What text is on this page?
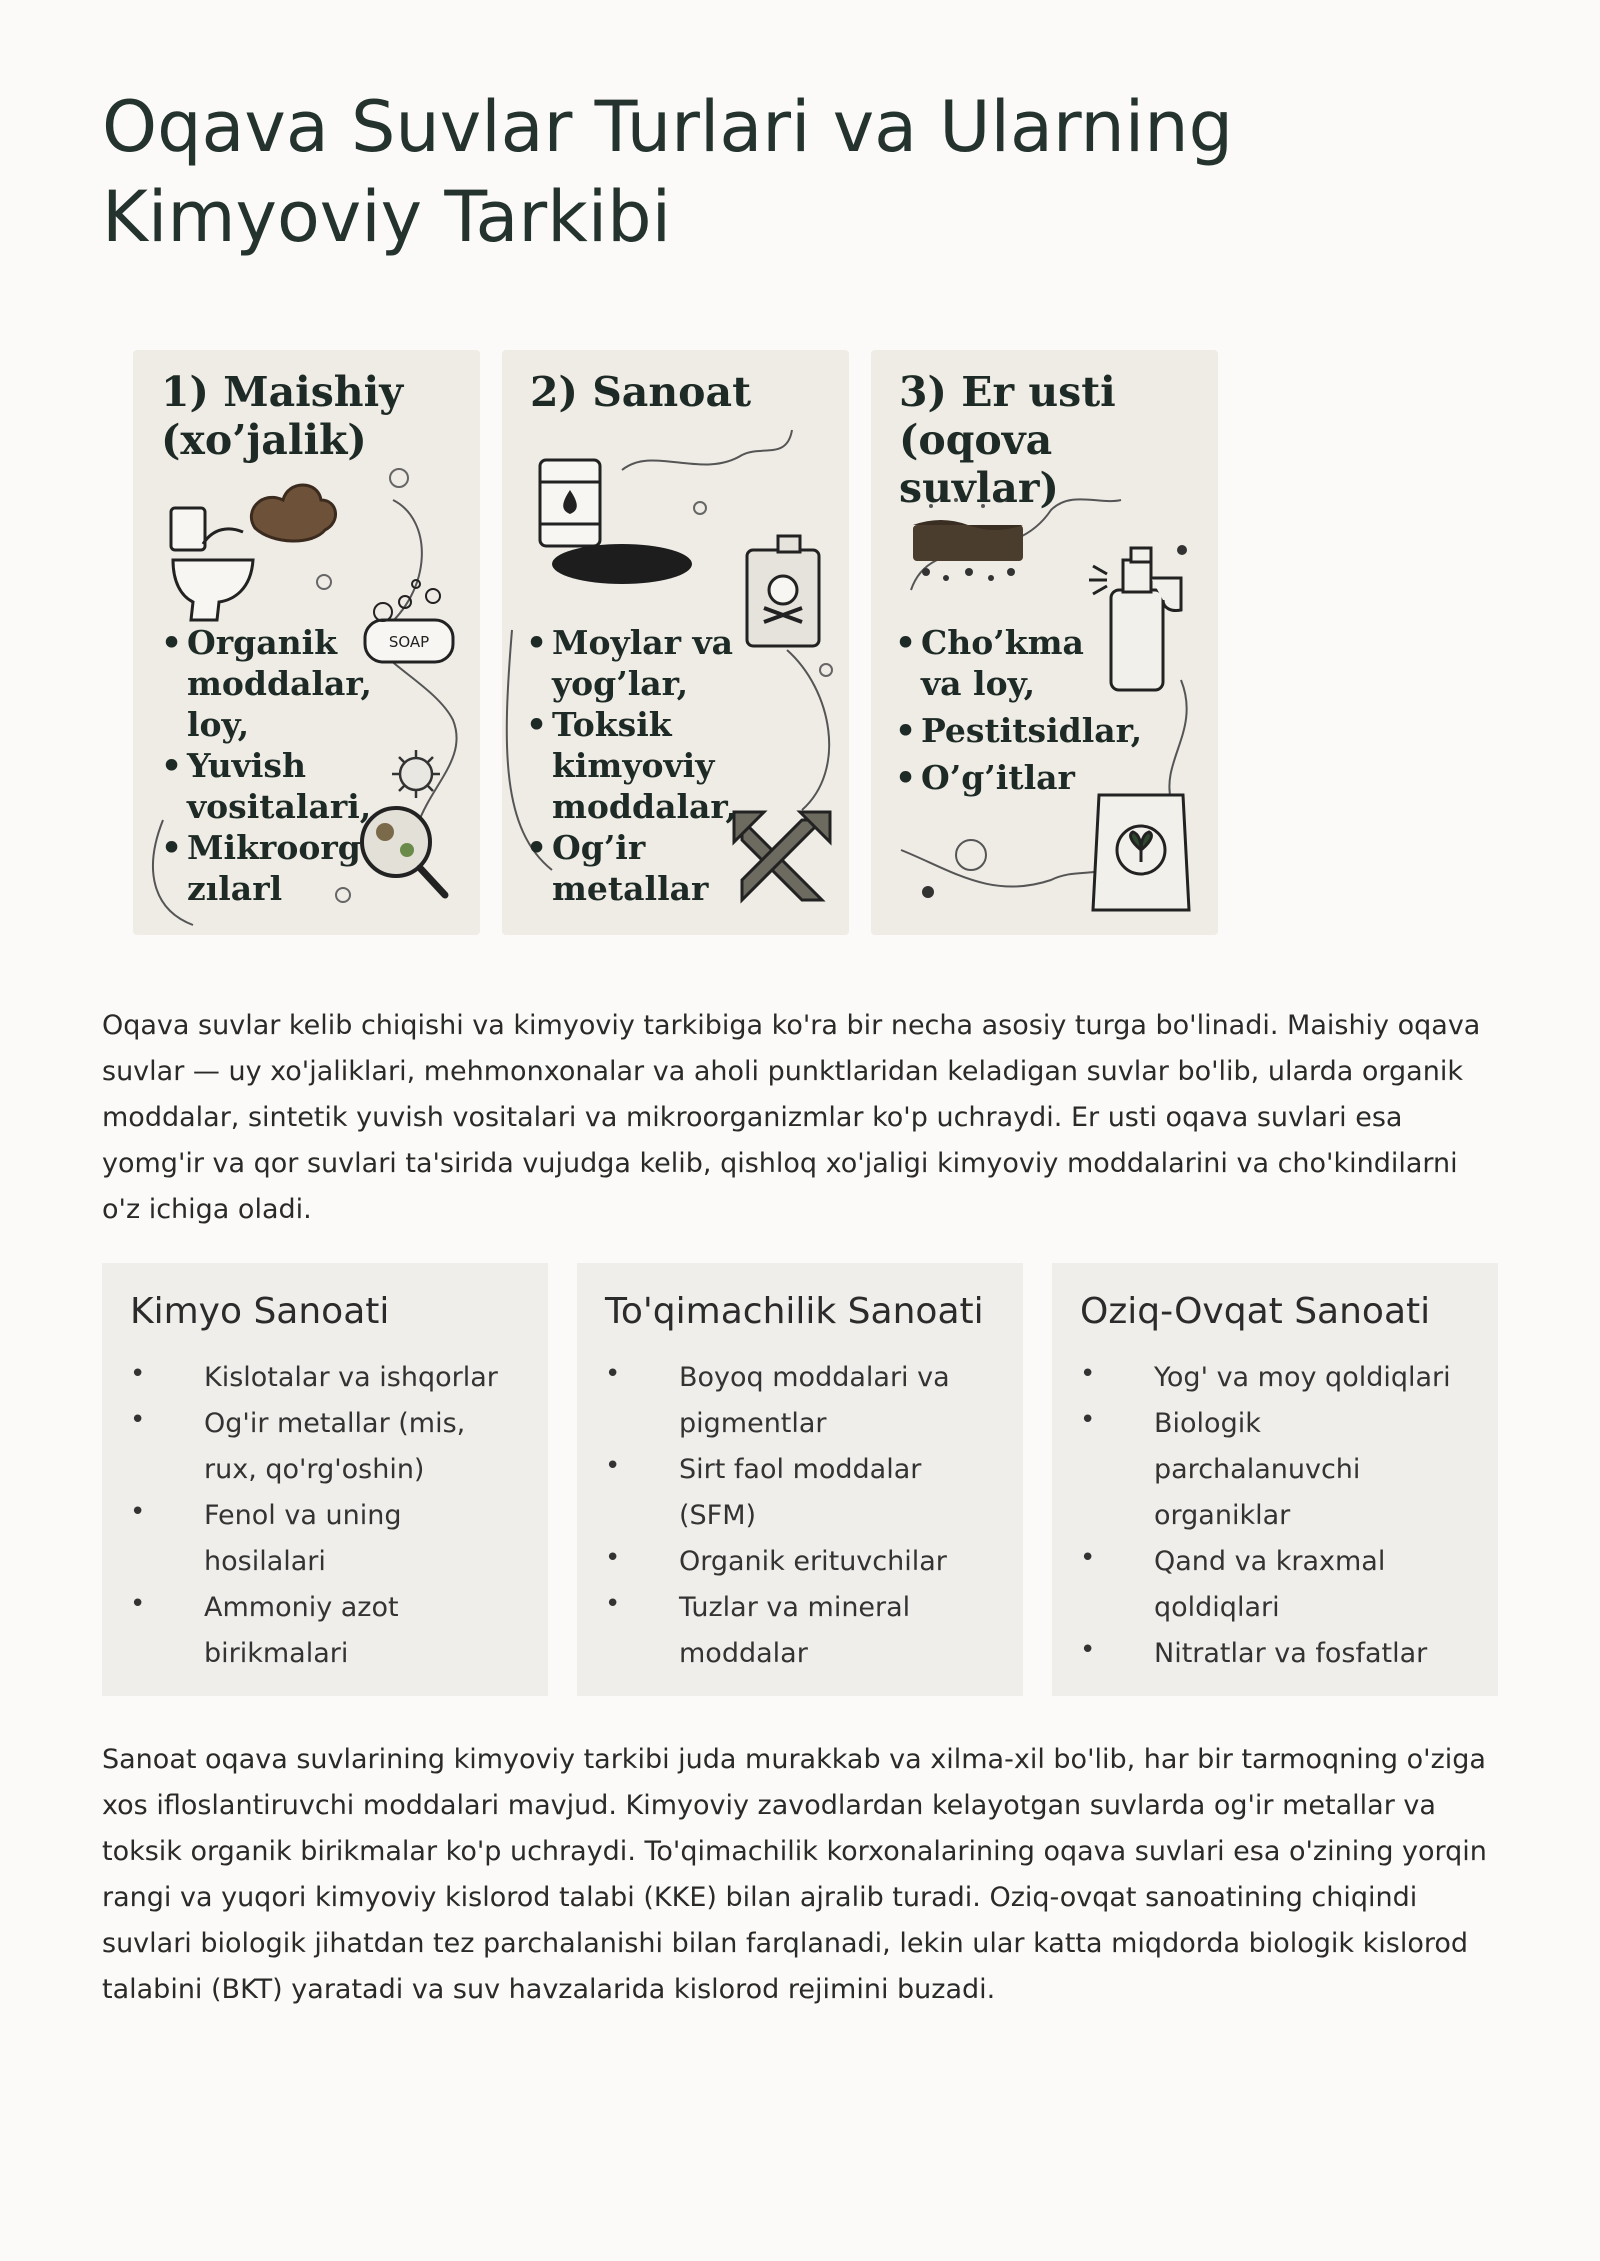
Oqava Suvlar Turlari va Ularning Kimyoviy Tarkibi
SOAP
1) Maishiy
(xo’jalik)
• Organik
moddalar,
loy,
• Yuvish
vositalari,
• Mikroorg
zılarl
2) Sanoat
• Moylar va
yog’lar,
• Toksik kimyoviy
moddalar,
• Og’ir
metallar
3) Er usti
(oqova suvlar)
• Cho’kma
va loy,
• Pestitsidlar,
• O’g’itlar

Oqava suvlar kelib chiqishi va kimyoviy tarkibiga ko'ra bir necha asosiy turga bo'linadi. Maishiy oqava suvlar — uy xo'jaliklari, mehmonxonalar va aholi punktlaridan keladigan suvlar bo'lib, ularda organik moddalar, sintetik yuvish vositalari va mikroorganizmlar ko'p uchraydi. Er usti oqava suvlari esa yomg'ir va qor suvlari ta'sirida vujudga kelib, qishloq xo'jaligi kimyoviy moddalarini va cho'kindilarni o'z ichiga oladi.

Kimyo Sanoati
• Kislotalar va ishqorlar
• Og'ir metallar (mis, rux, qo'rg'oshin)
• Fenol va uning hosilalari
• Ammoniy azot birikmalari
To'qimachilik Sanoati
• Boyoq moddalari va pigmentlar
• Sirt faol moddalar (SFM)
• Organik erituvchilar
• Tuzlar va mineral moddalar
Oziq-Ovqat Sanoati
• Yog' va moy qoldiqlari
• Biologik parchalanuvchi organiklar
• Qand va kraxmal qoldiqlari
• Nitratlar va fosfatlar

Sanoat oqava suvlarining kimyoviy tarkibi juda murakkab va xilma-xil bo'lib, har bir tarmoqning o'ziga xos ifloslantiruvchi moddalari mavjud. Kimyoviy zavodlardan kelayotgan suvlarda og'ir metallar va toksik organik birikmalar ko'p uchraydi. To'qimachilik korxonalarining oqava suvlari esa o'zining yorqin rangi va yuqori kimyoviy kislorod talabi (KKE) bilan ajralib turadi. Oziq-ovqat sanoatining chiqindi suvlari biologik jihatdan tez parchalanishi bilan farqlanadi, lekin ular katta miqdorda biologik kislorod talabini (BKT) yaratadi va suv havzalarida kislorod rejimini buzadi.
